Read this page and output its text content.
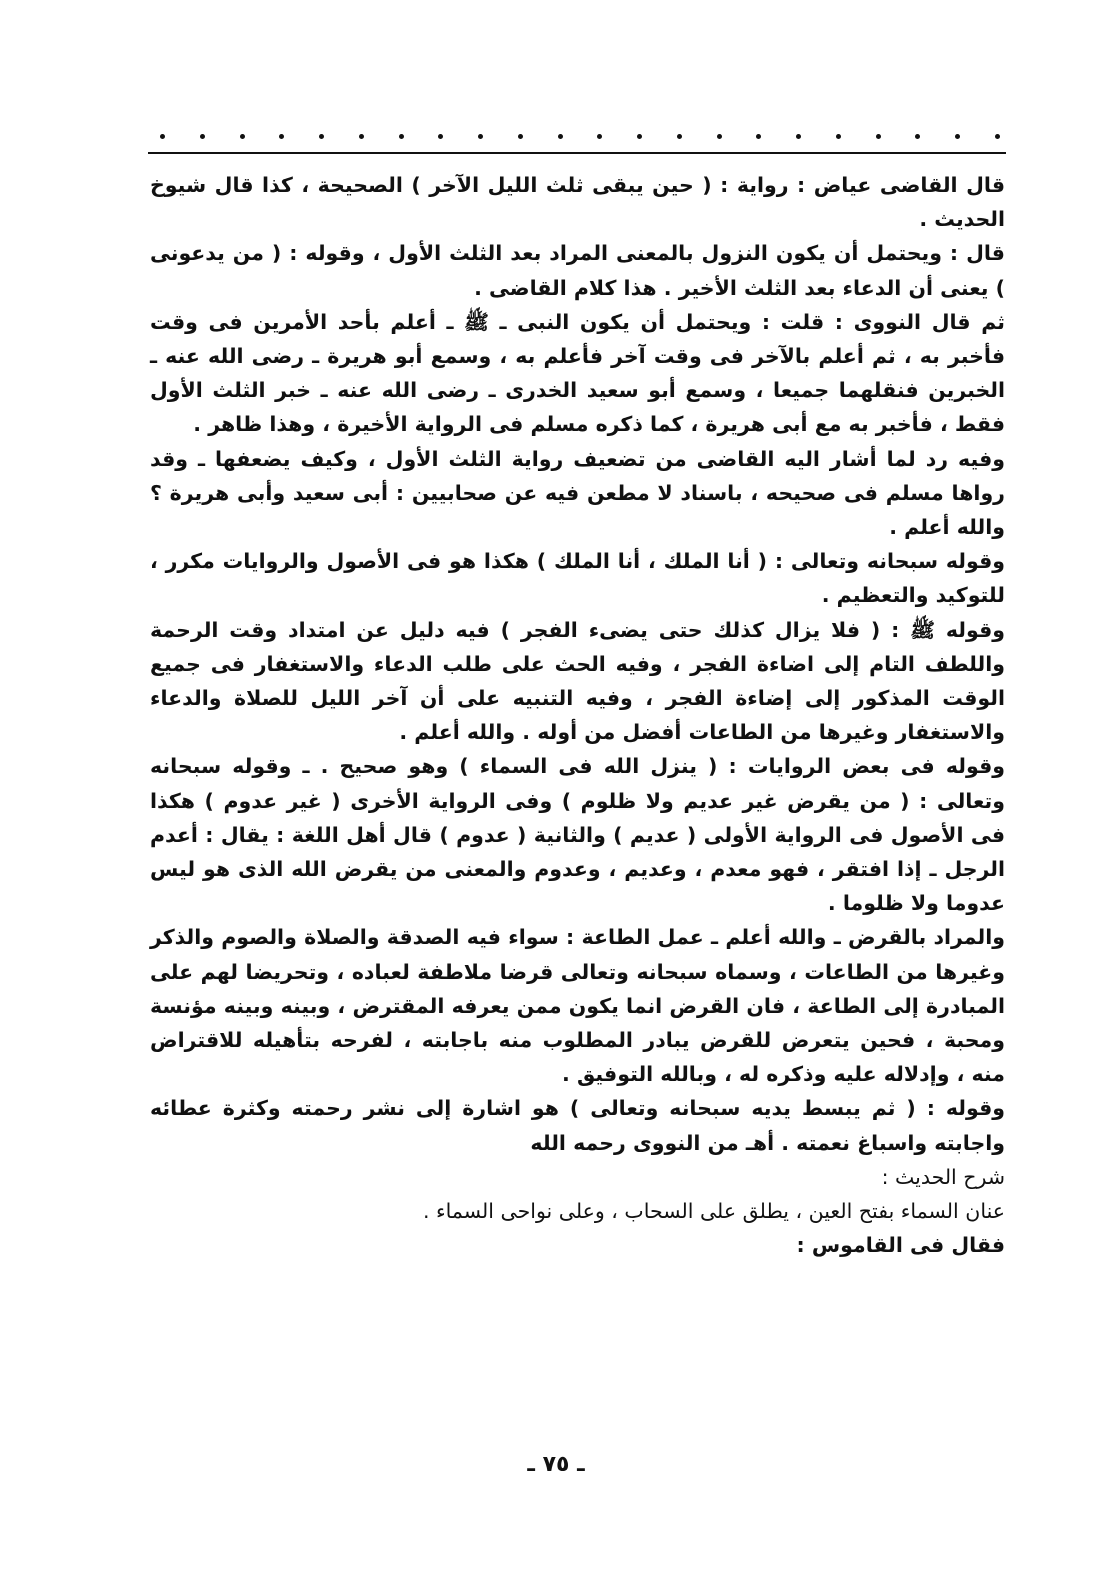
قال القاضى عياض : رواية : ( حين يبقى ثلث الليل الآخر ) الصحيحة ، كذا قال شيوخ الحديث .

قال : ويحتمل أن يكون النزول بالمعنى المراد بعد الثلث الأول ، وقوله : ( من يدعونى ) يعنى أن الدعاء بعد الثلث الأخير . هذا كلام القاضى .

ثم قال النووى : قلت : ويحتمل أن يكون النبى ـ ﷺ ـ أعلم بأحد الأمرين فى وقت فأخبر به ، ثم أعلم بالآخر فى وقت آخر فأعلم به ، وسمع أبو هريرة ـ رضى الله عنه ـ الخبرين فنقلهما جميعا ، وسمع أبو سعيد الخدرى ـ رضى الله عنه ـ خبر الثلث الأول فقط ، فأخبر به مع أبى هريرة ، كما ذكره مسلم فى الرواية الأخيرة ، وهذا ظاهر .

وفيه رد لما أشار اليه القاضى من تضعيف رواية الثلث الأول ، وكيف يضعفها ـ وقد رواها مسلم فى صحيحه ، باسناد لا مطعن فيه عن صحابيين : أبى سعيد وأبى هريرة ؟ والله أعلم .

وقوله سبحانه وتعالى : ( أنا الملك ، أنا الملك ) هكذا هو فى الأصول والروايات مكرر ، للتوكيد والتعظيم .

وقوله ﷺ : ( فلا يزال كذلك حتى يضىء الفجر ) فيه دليل عن امتداد وقت الرحمة واللطف التام إلى اضاءة الفجر ، وفيه الحث على طلب الدعاء والاستغفار فى جميع الوقت المذكور إلى إضاءة الفجر ، وفيه التنبيه على أن آخر الليل للصلاة والدعاء والاستغفار وغيرها من الطاعات أفضل من أوله . والله أعلم .

وقوله فى بعض الروايات : ( ينزل الله فى السماء ) وهو صحيح . ـ وقوله سبحانه وتعالى : ( من يقرض غير عديم ولا ظلوم ) وفى الرواية الأخرى ( غير عدوم ) هكذا فى الأصول فى الرواية الأولى ( عديم ) والثانية ( عدوم ) قال أهل اللغة : يقال : أعدم الرجل ـ إذا افتقر ، فهو معدم ، وعديم ، وعدوم والمعنى من يقرض الله الذى هو ليس عدوما ولا ظلوما .

والمراد بالقرض ـ والله أعلم ـ عمل الطاعة : سواء فيه الصدقة والصلاة والصوم والذكر وغيرها من الطاعات ، وسماه سبحانه وتعالى قرضا ملاطفة لعباده ، وتحريضا لهم على المبادرة إلى الطاعة ، فان القرض انما يكون ممن يعرفه المقترض ، وبينه وبينه مؤنسة ومحبة ، فحين يتعرض للقرض يبادر المطلوب منه باجابته ، لفرحه بتأهيله للاقتراض منه ، وإدلاله عليه وذكره له ، وبالله التوفيق .

وقوله : ( ثم يبسط يديه سبحانه وتعالى ) هو اشارة إلى نشر رحمته وكثرة عطائه واجابته واسباغ نعمته . أهـ من النووى رحمه الله

شرح الحديث :

عنان السماء بفتح العين ، يطلق على السحاب ، وعلى نواحى السماء .

فقال فى القاموس :

ـ ٧٥ ـ
